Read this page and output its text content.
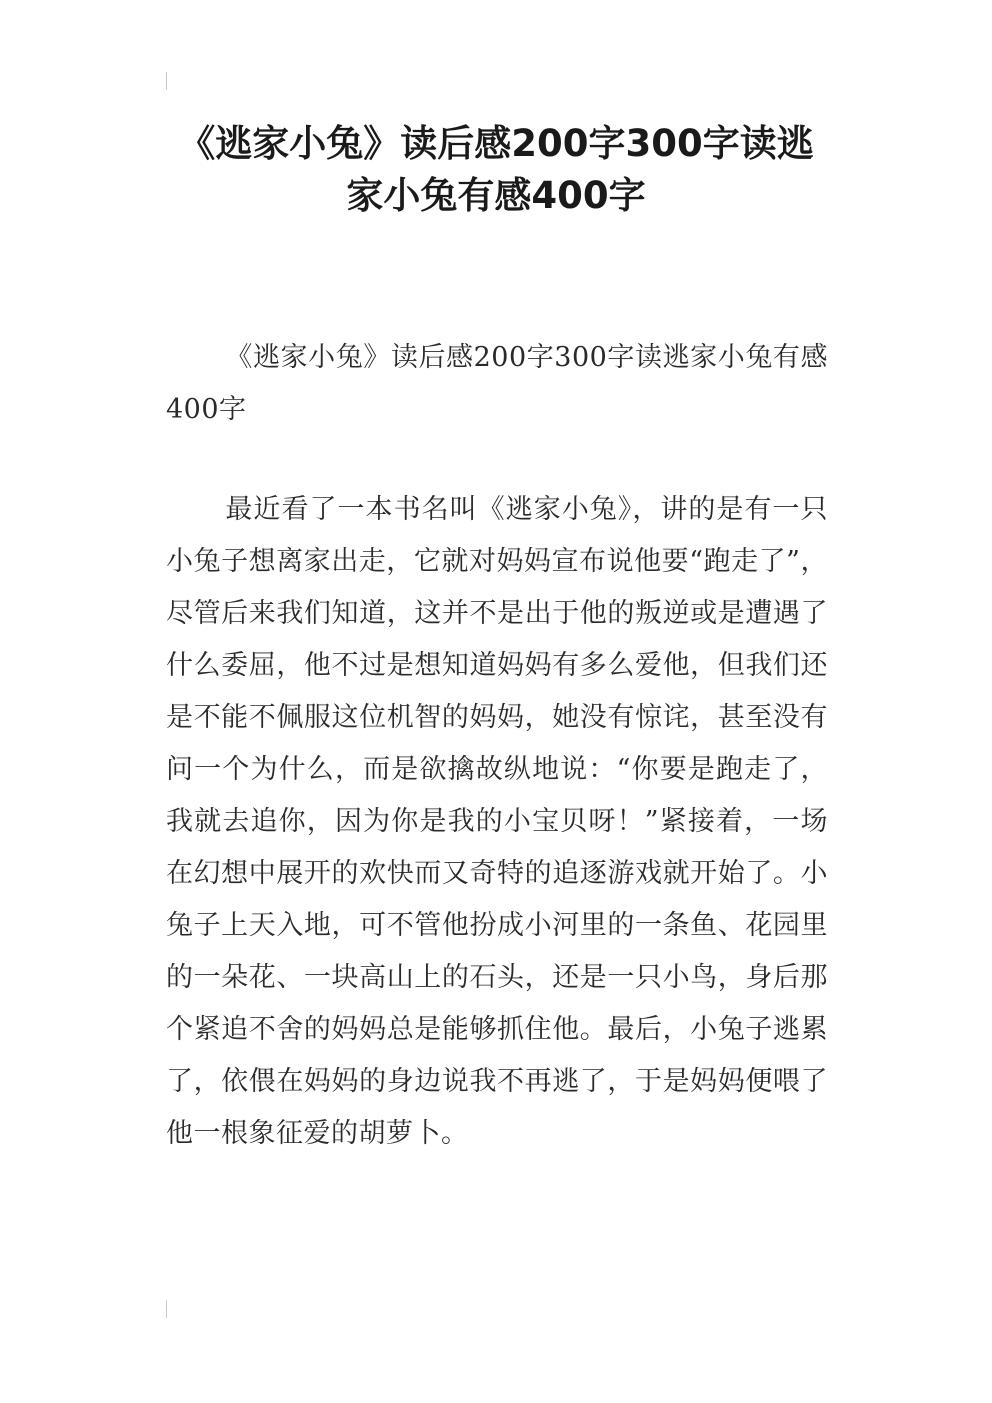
《逃家小兔》读后感200字300字读逃家小兔有感400字

《逃家小兔》读后感200字300字读逃家小兔有感400字

最近看了一本书名叫《逃家小兔》，讲的是有一只小兔子想离家出走，它就对妈妈宣布说他要“跑走了”，尽管后来我们知道，这并不是出于他的叛逆或是遭遇了什么委屈，他不过是想知道妈妈有多么爱他，但我们还是不能不佩服这位机智的妈妈，她没有惊诧，甚至没有问一个为什么，而是欲擒故纵地说：“你要是跑走了，我就去追你，因为你是我的小宝贝呀！”紧接着，一场在幻想中展开的欢快而又奇特的追逐游戏就开始了。小兔子上天入地，可不管他扮成小河里的一条鱼、花园里的一朵花、一块高山上的石头，还是一只小鸟，身后那个紧追不舍的妈妈总是能够抓住他。最后，小兔子逃累了，依偎在妈妈的身边说我不再逃了，于是妈妈便喂了他一根象征爱的胡萝卜。
